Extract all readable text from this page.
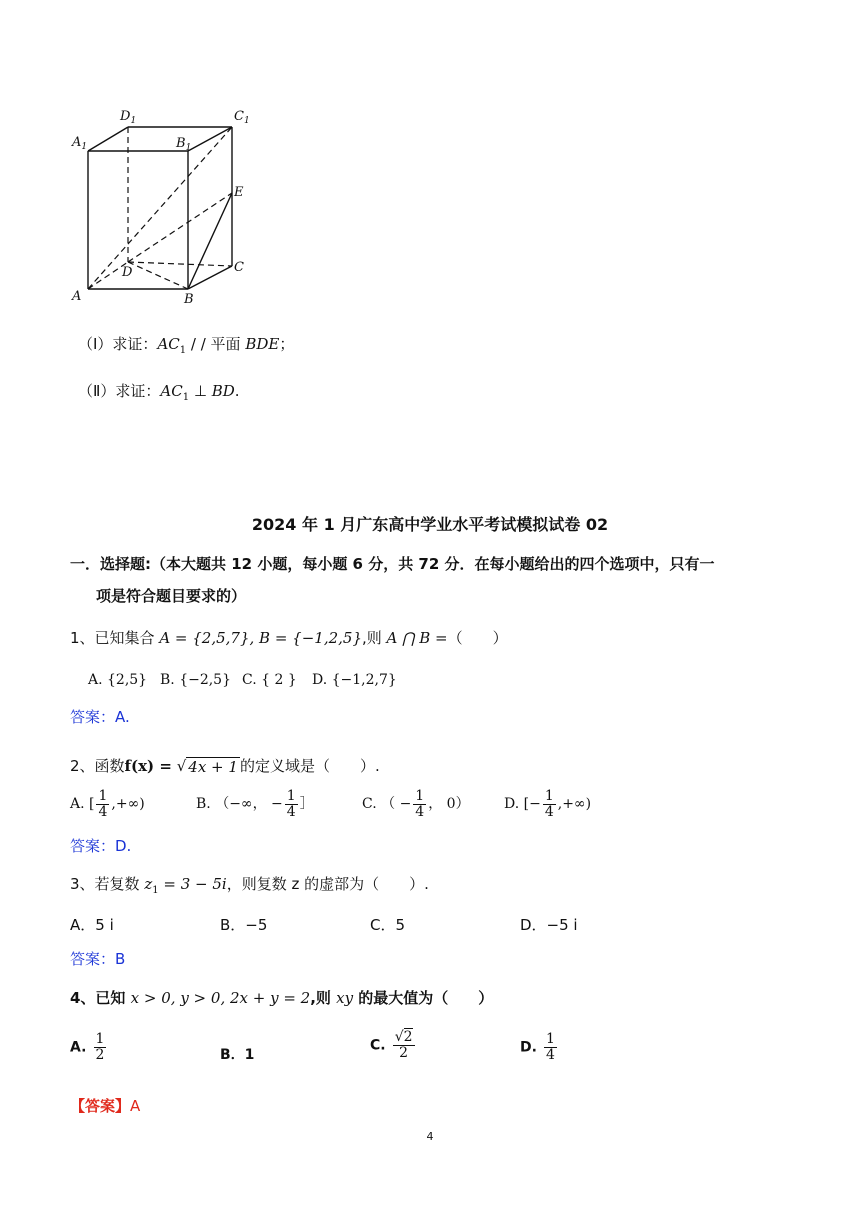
$D_1$	$C_1$
$A_1$	$B_1$
E
D	C
A	B
（Ⅰ）求证：$AC_1$ / / 平面 BDE；
（Ⅱ）求证：$AC_1$ ⊥ BD.
2024 年 1 月广东高中学业水平考试模拟试卷 02
一．选择题:（本大题共 12 小题，每小题 6 分，共 72 分．在每小题给出的四个选项中，只有一
项是符合题目要求的）
1、已知集合 A = {2,5,7}, B = {−1,2,5},则 A ⋂ B =（　　）
A. {2,5} B. {−2,5} C. { 2 } D. {−1,2,7}
答案：A.
2、函数f(x) = √ 4x + 1 的定义域是（　　）.
A. [ $\frac{1}{4}$ ,+∞)	B. （−∞， − $\frac{1}{4}$ ］	C. （ − $\frac{1}{4}$ ， 0） D. [− $\frac{1}{4}$ ,+∞)
答案：D.
3、若复数 $z_1 = 3 - 5i$，则复数 z 的虚部为（　　）.
A．5 i	B．−5	C．5	D．−5 i
答案：B
4、已知 x > 0, y > 0, 2x + y = 2,则 xy 的最大值为（　　）
A. $\frac{1}{2}$	B．1
C. $\frac{√2}{2}$	D. $\frac{1}{4}$
【答案】A
4
